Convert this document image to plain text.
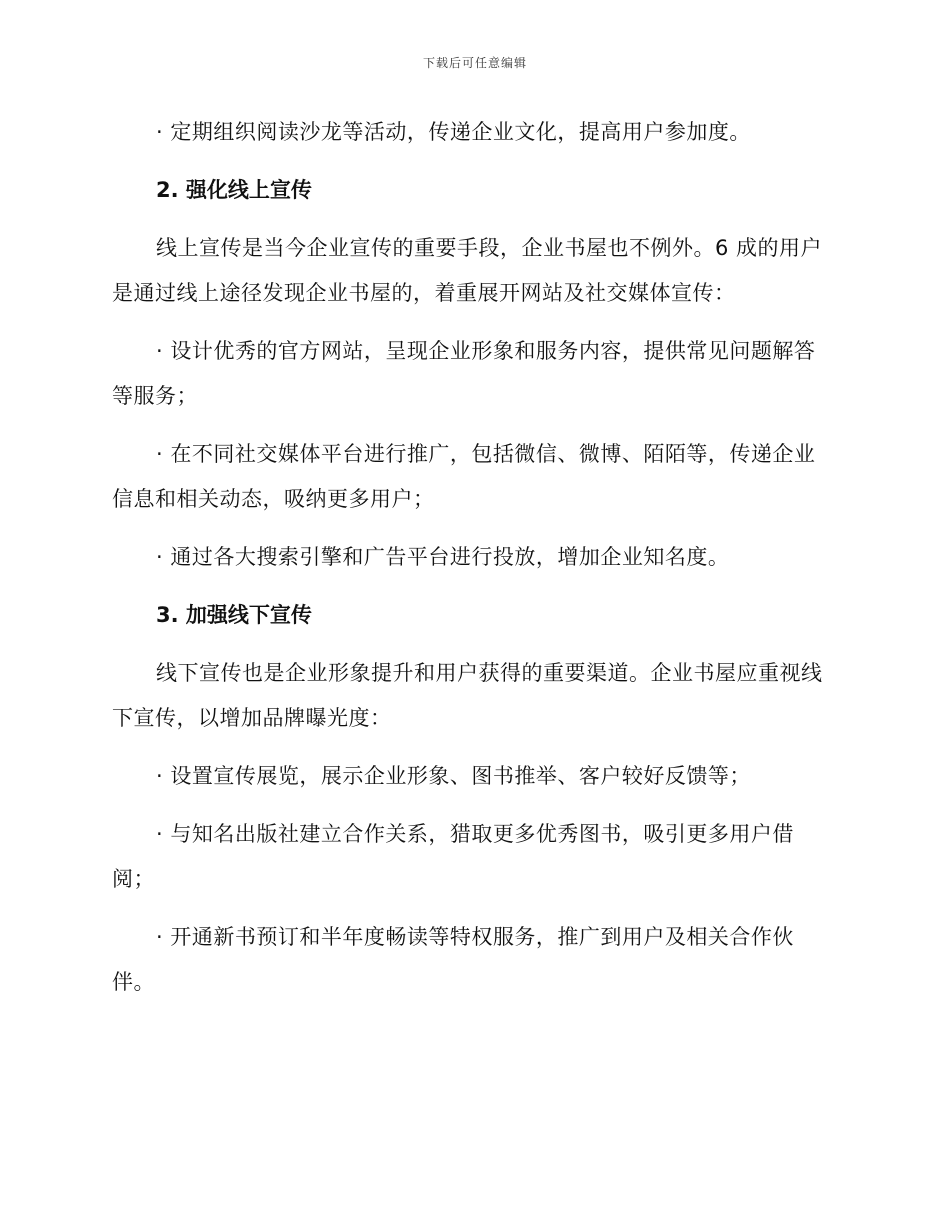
下载后可任意编辑

· 定期组织阅读沙龙等活动，传递企业文化，提高用户参加度。

2. 强化线上宣传

线上宣传是当今企业宣传的重要手段，企业书屋也不例外。6 成的用户是通过线上途径发现企业书屋的，着重展开网站及社交媒体宣传：

· 设计优秀的官方网站，呈现企业形象和服务内容，提供常见问题解答等服务；

· 在不同社交媒体平台进行推广，包括微信、微博、陌陌等，传递企业信息和相关动态，吸纳更多用户；

· 通过各大搜索引擎和广告平台进行投放，增加企业知名度。

3. 加强线下宣传

线下宣传也是企业形象提升和用户获得的重要渠道。企业书屋应重视线下宣传，以增加品牌曝光度：

· 设置宣传展览，展示企业形象、图书推举、客户较好反馈等；

· 与知名出版社建立合作关系，猎取更多优秀图书，吸引更多用户借阅；

· 开通新书预订和半年度畅读等特权服务，推广到用户及相关合作伙伴。
